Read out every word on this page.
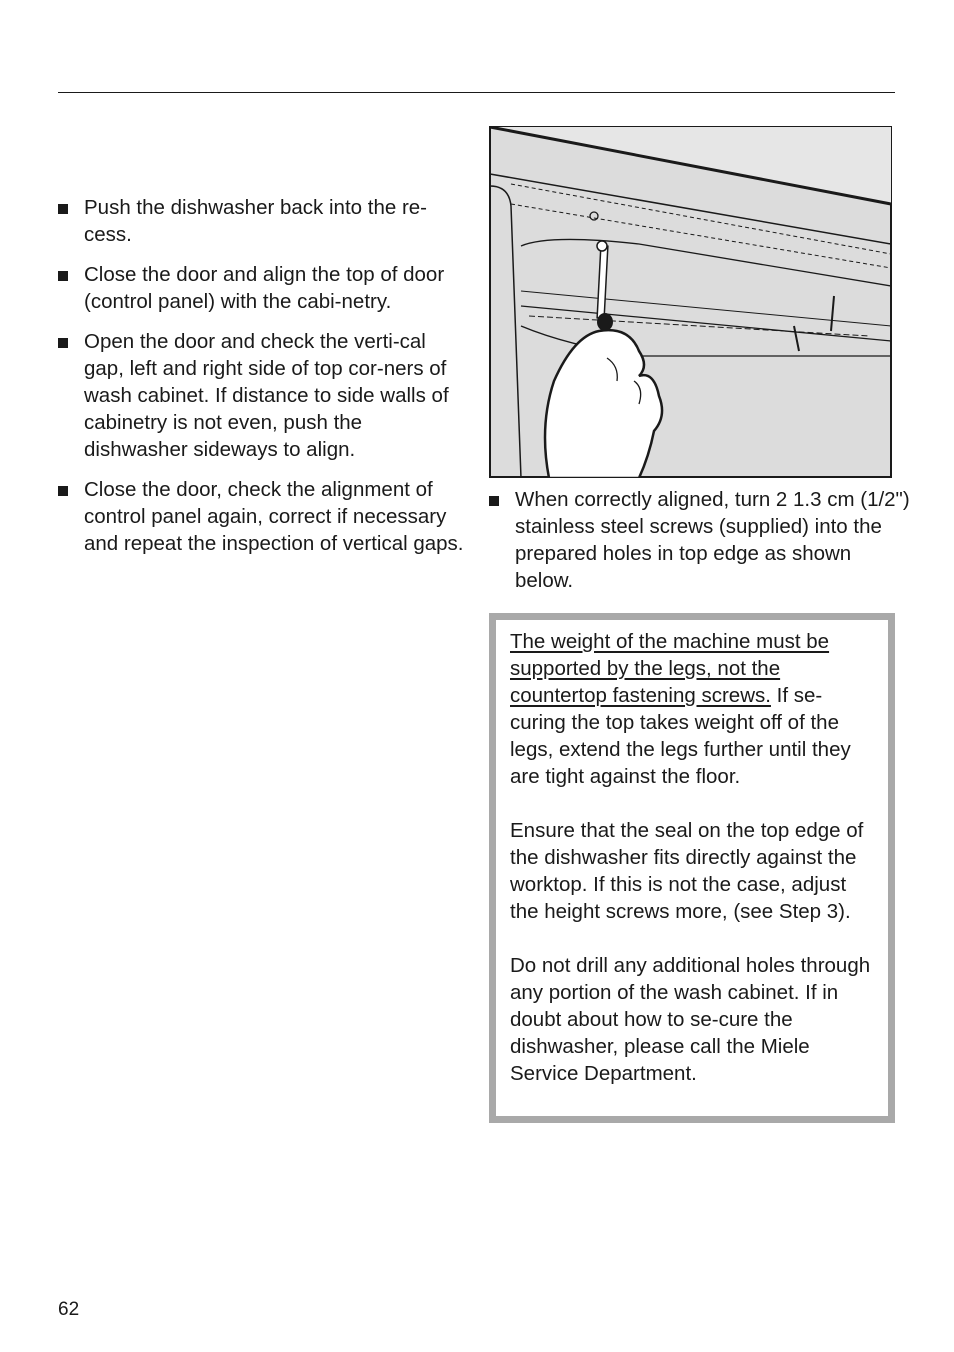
Push the dishwasher back into the re-cess.
Close the door and align the top of door (control panel) with the cabi-netry.
Open the door and check the verti-cal gap, left and right side of top cor-ners of wash cabinet. If distance to side walls of cabinetry is not even, push the dishwasher sideways to align.
Close the door, check the alignment of control panel again, correct if necessary and repeat the inspection of vertical gaps.
When correctly aligned, turn 2 1.3 cm (1/2") stainless steel screws (supplied) into the prepared holes in top edge as shown below.

The weight of the machine must be supported by the legs, not the countertop fastening screws. If se-curing the top takes weight off of the legs, extend the legs further until they are tight against the floor.

Ensure that the seal on the top edge of the dishwasher fits directly against the worktop. If this is not the case, adjust the height screws more, (see Step 3).

Do not drill any additional holes through any portion of the wash cabinet. If in doubt about how to se-cure the dishwasher, please call the Miele Service Department.

62
